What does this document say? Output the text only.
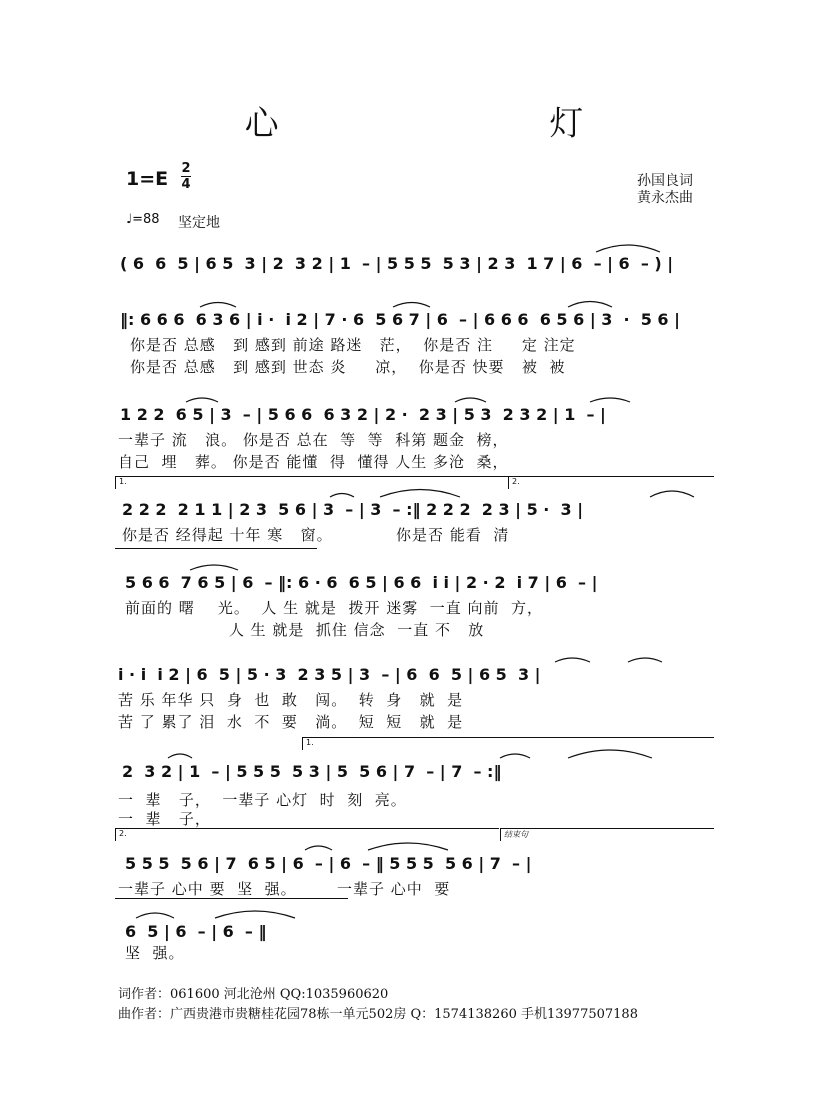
心 灯
1=E 2
4
♩=88 坚定地
孙国良词
黄永杰曲
( 6  6  5 | 6 5  3 | 2  3 2 | 1  – | 5 5 5  5 3 | 2 3  1 7 | 6  – | 6  – ) |
‖: 6 6 6  6 3 6 | i ·  i 2 | 7 · 6  5 6 7 | 6  – | 6 6 6  6 5 6 | 3  ·  5 6 |
你是否 总感   到 感到 前途 路迷   茫，  你是否 注     定 注定
你是否 总感   到 感到 世态 炎     凉，  你是否 快要   被  被
1 2 2  6 5 | 3  – | 5 6 6  6 3 2 | 2 ·  2 3 | 5 3  2 3 2 | 1  – |
一辈子 流   浪。 你是否 总在  等  等  科第 题金  榜，
自己  埋   葬。 你是否 能懂  得  懂得 人生 多沧  桑，
1.	2.
2 2 2  2 1 1 | 2 3  5 6 | 3  – | 3  – :‖ 2 2 2  2 3 | 5 ·  3 |
你是否 经得起 十年 寒   窗。           你是否 能看  清
5 6 6  7 6 5 | 6  – ‖: 6 · 6  6 5 | 6 6  i i | 2 · 2  i 7 | 6  – |
前面的 曙    光。  人 生 就是  拨开 迷雾  一直 向前  方，
人 生 就是  抓住 信念  一直 不   放
i · i  i 2 | 6  5 | 5 · 3  2 3 5 | 3  – | 6  6  5 | 6 5  3 |
苦 乐 年华 只  身  也  敢   闯。  转  身   就  是
苦 了 累了 泪  水  不  要   淌。  短  短   就  是
1.
2  3 2 | 1  – | 5 5 5  5 3 | 5  5 6 | 7  – | 7  – :‖
一  辈   子，  一辈子 心灯  时  刻  亮。
一  辈   子，
2.	结束句
5 5 5  5 6 | 7  6 5 | 6  – | 6  – ‖ 5 5 5  5 6 | 7  – |
一辈子 心中 要  坚  强。       一辈子 心中  要
6  5 | 6  – | 6  – ‖
坚  强。
词作者：061600 河北沧州 QQ:1035960620
曲作者：广西贵港市贵糖桂花园78栋一单元502房 Q：1574138260 手机13977507188
